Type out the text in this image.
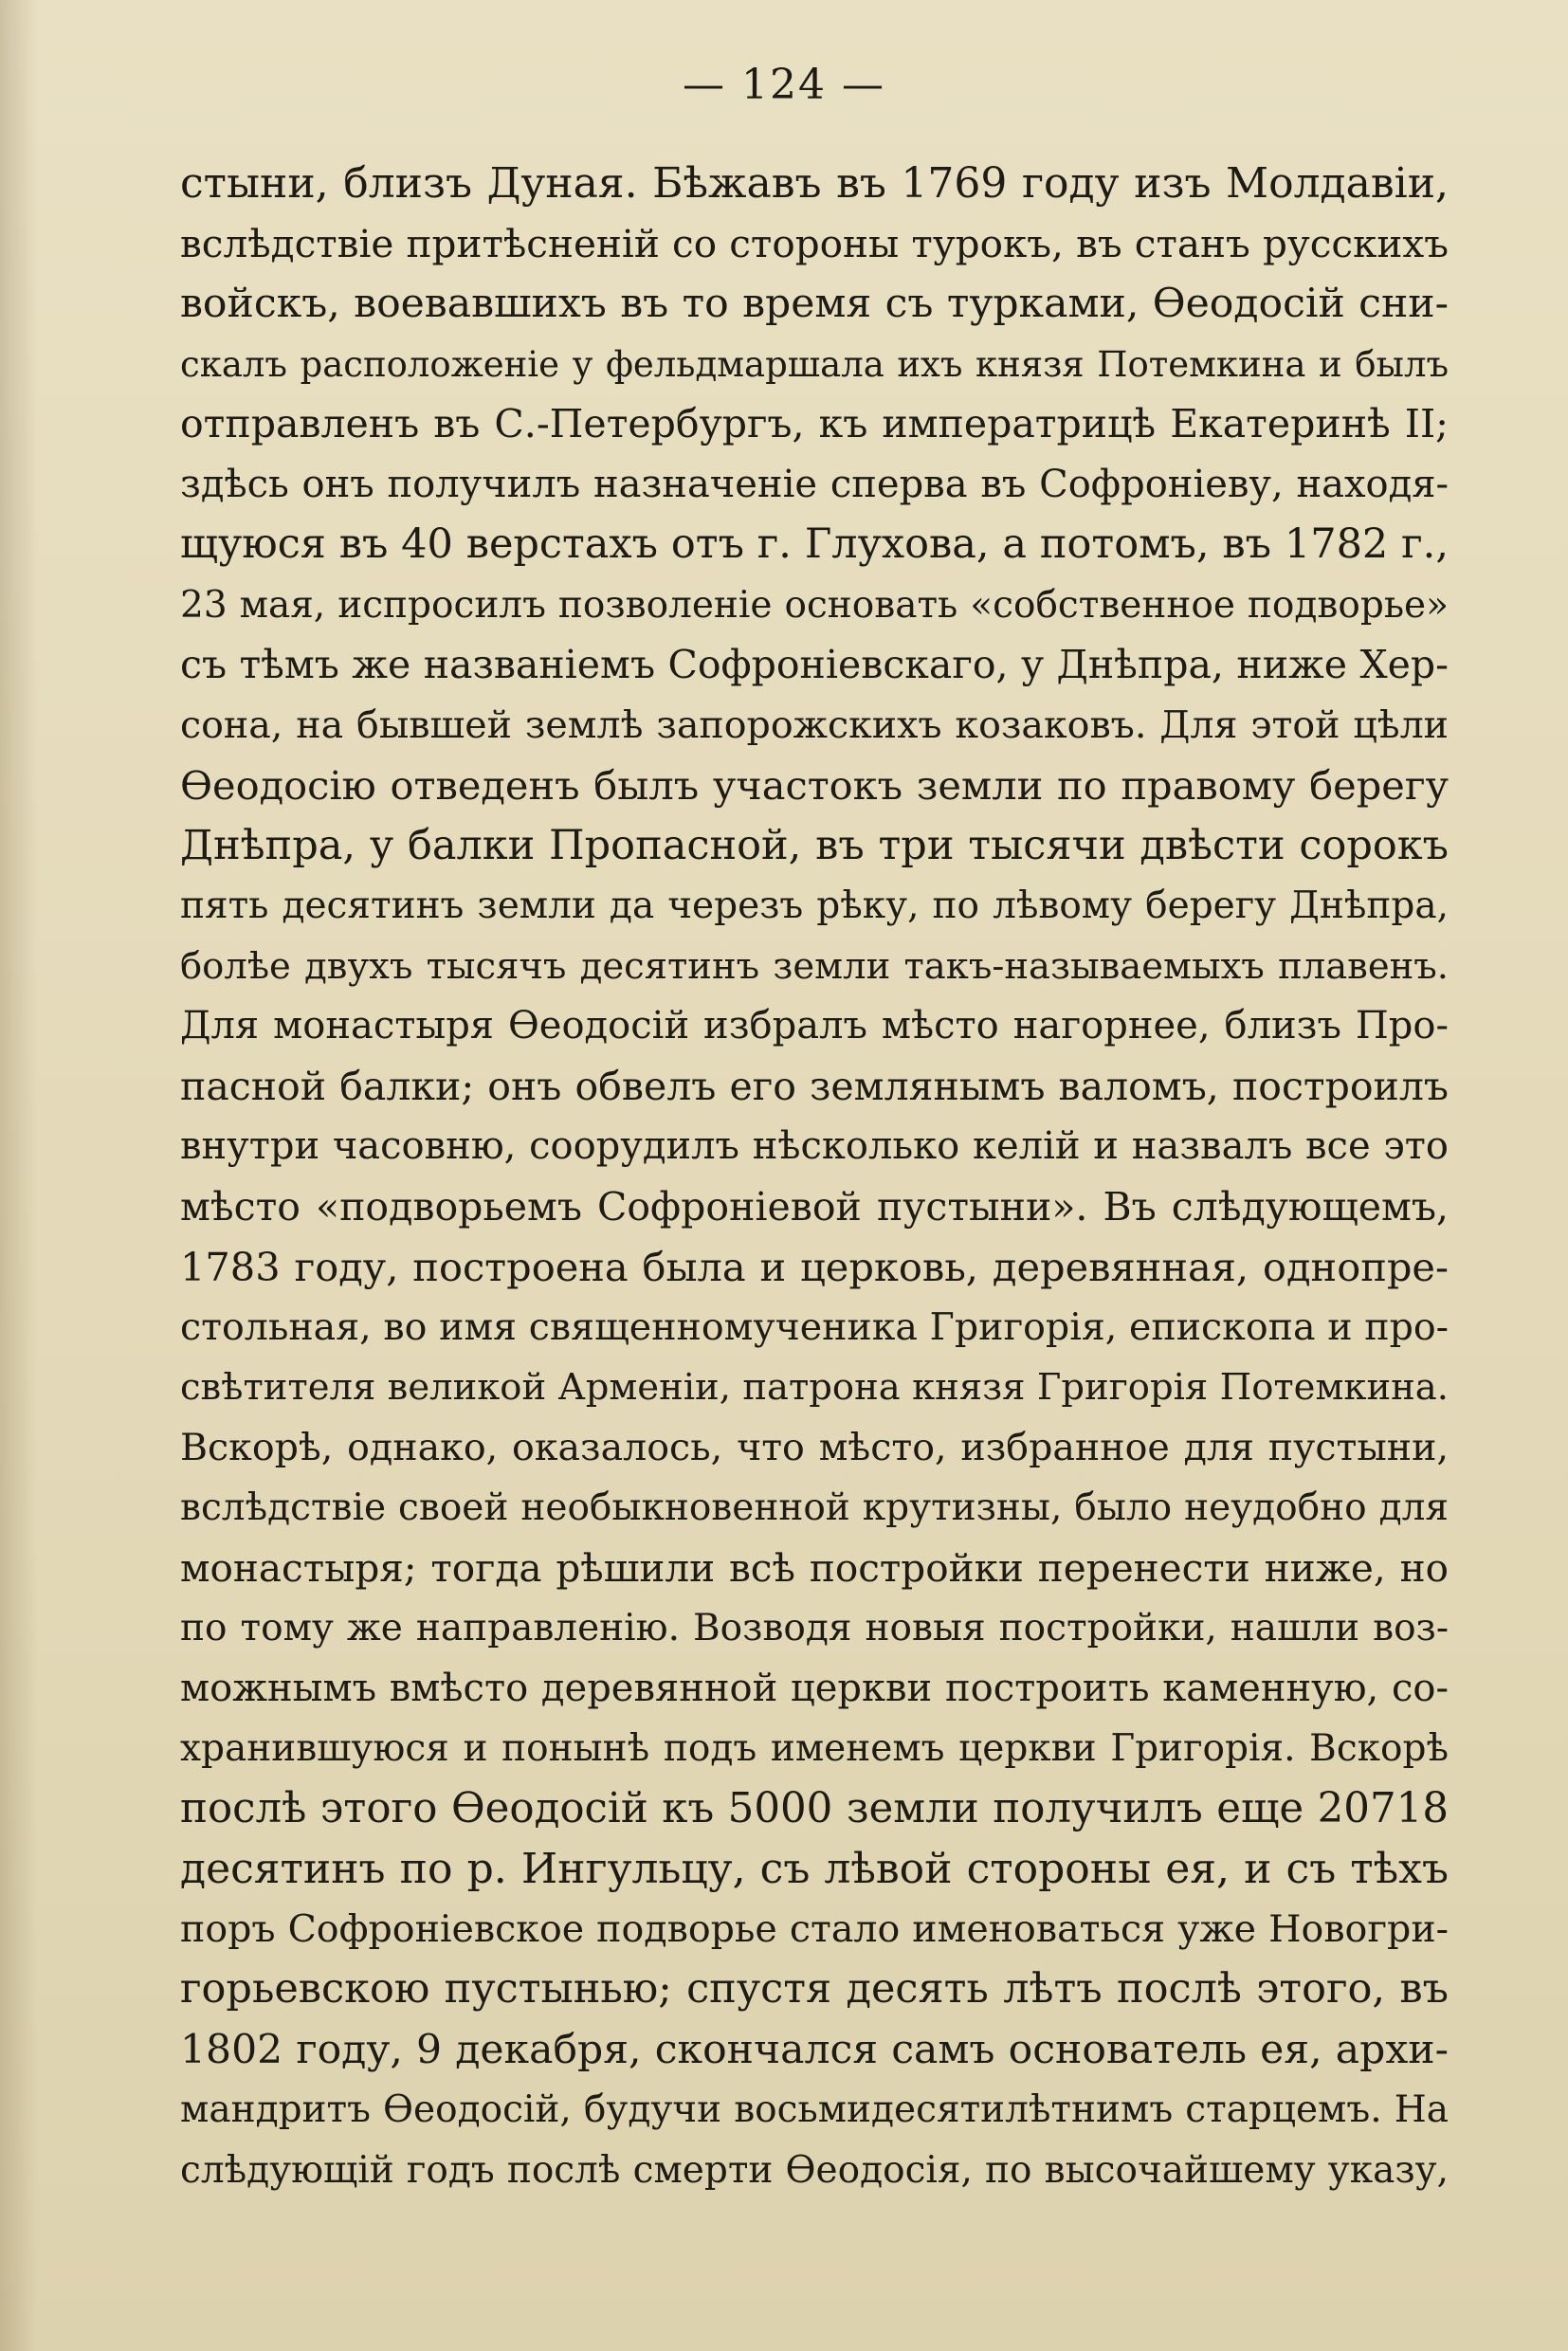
— 124 —
стыни, близъ Дуная. Бѣжавъ въ 1769 году изъ Молдавіи,
вслѣдствіе притѣсненій со стороны турокъ, въ станъ русскихъ
войскъ, воевавшихъ въ то время съ турками, Ѳеодосій сни-
скалъ расположеніе у фельдмаршала ихъ князя Потемкина и былъ
отправленъ въ С.-Петербургъ, къ императрицѣ Екатеринѣ II;
здѣсь онъ получилъ назначеніе сперва въ Софроніеву, находя-
щуюся въ 40 верстахъ отъ г. Глухова, а потомъ, въ 1782 г.,
23 мая, испросилъ позволеніе основать «собственное подворье»
съ тѣмъ же названіемъ Софроніевскаго, у Днѣпра, ниже Хер-
сона, на бывшей землѣ запорожскихъ козаковъ. Для этой цѣли
Ѳеодосію отведенъ былъ участокъ земли по правому берегу
Днѣпра, у балки Пропасной, въ три тысячи двѣсти сорокъ
пять десятинъ земли да черезъ рѣку, по лѣвому берегу Днѣпра,
болѣе двухъ тысячъ десятинъ земли такъ-называемыхъ плавенъ.
Для монастыря Ѳеодосій избралъ мѣсто нагорнее, близъ Про-
пасной балки; онъ обвелъ его землянымъ валомъ, построилъ
внутри часовню, соорудилъ нѣсколько келій и назвалъ все это
мѣсто «подворьемъ Софроніевой пустыни». Въ слѣдующемъ,
1783 году, построена была и церковь, деревянная, однопре-
стольная, во имя священномученика Григорія, епископа и про-
свѣтителя великой Арменіи, патрона князя Григорія Потемкина.
Вскорѣ, однако, оказалось, что мѣсто, избранное для пустыни,
вслѣдствіе своей необыкновенной крутизны, было неудобно для
монастыря; тогда рѣшили всѣ постройки перенести ниже, но
по тому же направленію. Возводя новыя постройки, нашли воз-
можнымъ вмѣсто деревянной церкви построить каменную, со-
хранившуюся и понынѣ подъ именемъ церкви Григорія. Вскорѣ
послѣ этого Ѳеодосій къ 5000 земли получилъ еще 20718
десятинъ по р. Ингульцу, съ лѣвой стороны ея, и съ тѣхъ
поръ Софроніевское подворье стало именоваться уже Новогри-
горьевскою пустынью; спустя десять лѣтъ послѣ этого, въ
1802 году, 9 декабря, скончался самъ основатель ея, архи-
мандритъ Ѳеодосій, будучи восьмидесятилѣтнимъ старцемъ. На
слѣдующій годъ послѣ смерти Ѳеодосія, по высочайшему указу,
